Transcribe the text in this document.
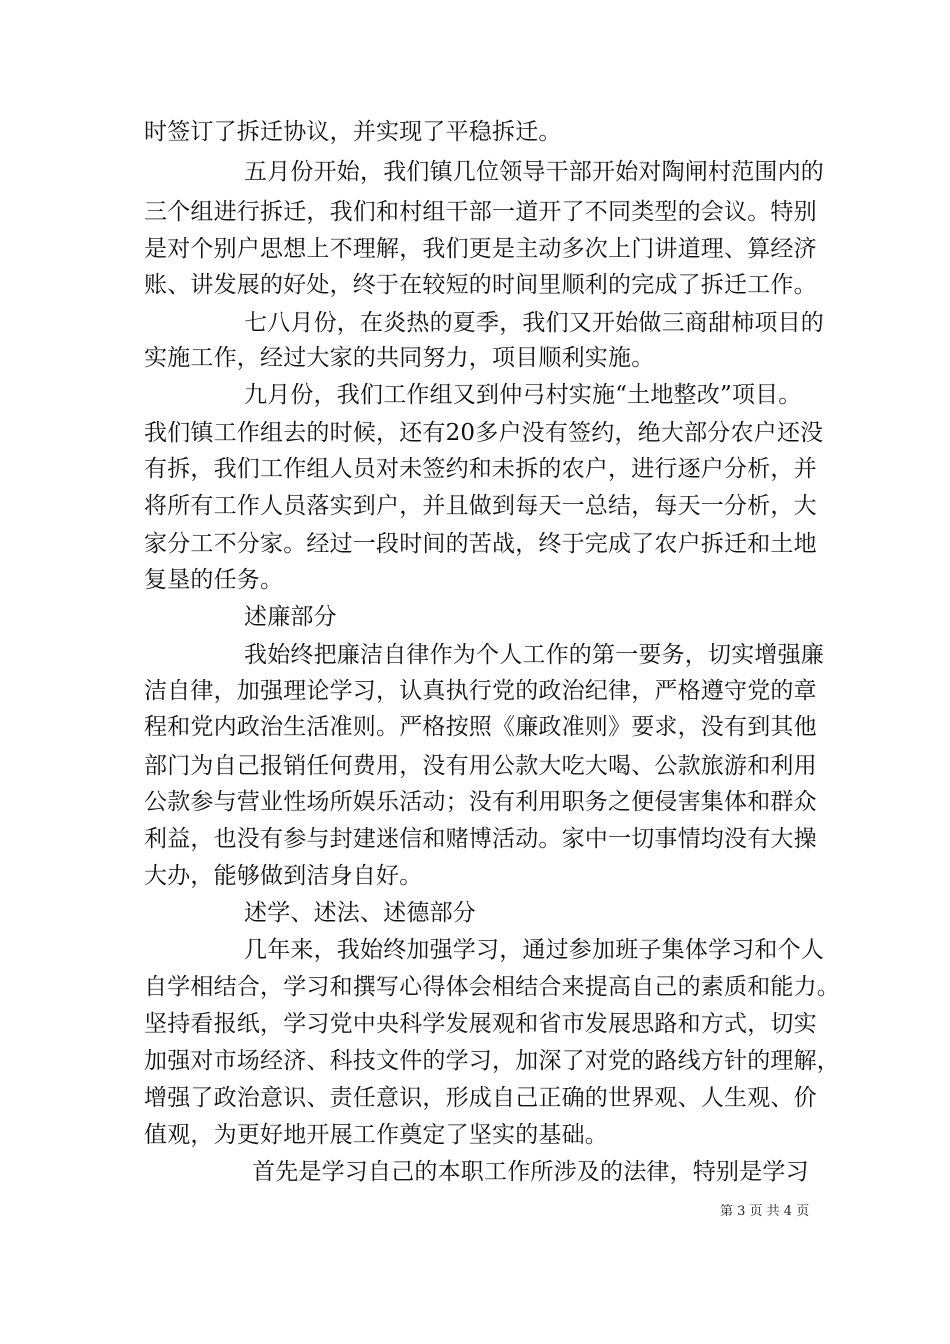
时签订了拆迁协议，并实现了平稳拆迁。
五月份开始，我们镇几位领导干部开始对陶闸村范围内的
三个组进行拆迁，我们和村组干部一道开了不同类型的会议。特别
是对个别户思想上不理解，我们更是主动多次上门讲道理、算经济
账、讲发展的好处，终于在较短的时间里顺利的完成了拆迁工作。
七八月份，在炎热的夏季，我们又开始做三商甜柿项目的
实施工作，经过大家的共同努力，项目顺利实施。
九月份，我们工作组又到仲弓村实施“土地整改”项目。
我们镇工作组去的时候，还有20多户没有签约，绝大部分农户还没
有拆，我们工作组人员对未签约和未拆的农户，进行逐户分析，并
将所有工作人员落实到户，并且做到每天一总结，每天一分析，大
家分工不分家。经过一段时间的苦战，终于完成了农户拆迁和土地
复垦的任务。
述廉部分
我始终把廉洁自律作为个人工作的第一要务，切实增强廉
洁自律，加强理论学习，认真执行党的政治纪律，严格遵守党的章
程和党内政治生活准则。严格按照《廉政准则》要求，没有到其他
部门为自己报销任何费用，没有用公款大吃大喝、公款旅游和利用
公款参与营业性场所娱乐活动；没有利用职务之便侵害集体和群众
利益，也没有参与封建迷信和赌博活动。家中一切事情均没有大操
大办，能够做到洁身自好。
述学、述法、述德部分
几年来，我始终加强学习，通过参加班子集体学习和个人
自学相结合，学习和撰写心得体会相结合来提高自己的素质和能力。
坚持看报纸，学习党中央科学发展观和省市发展思路和方式，切实
加强对市场经济、科技文件的学习，加深了对党的路线方针的理解，
增强了政治意识、责任意识，形成自己正确的世界观、人生观、价
值观，为更好地开展工作奠定了坚实的基础。
首先是学习自己的本职工作所涉及的法律，特别是学习
第 3 页 共 4 页
